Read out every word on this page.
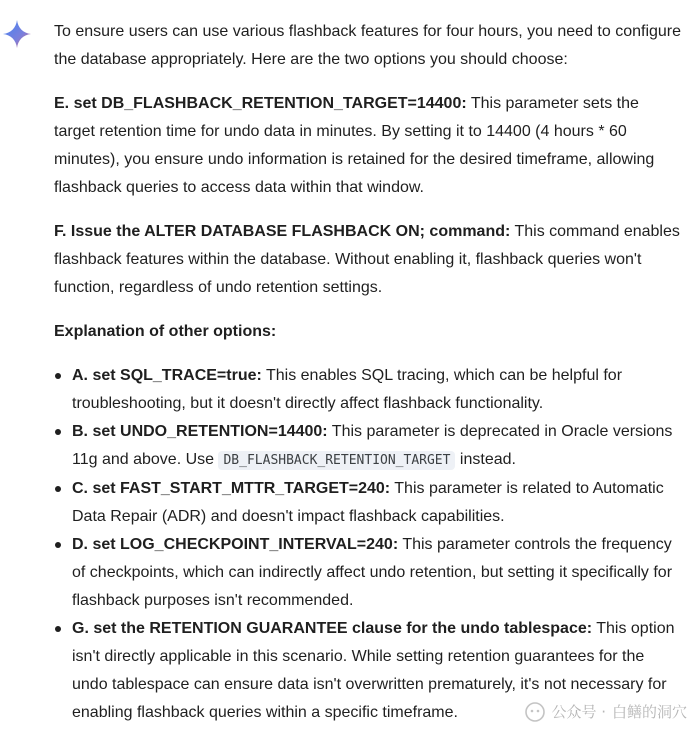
To ensure users can use various flashback features for four hours, you need to configure the database appropriately. Here are the two options you should choose:

E. set DB_FLASHBACK_RETENTION_TARGET=14400: This parameter sets the target retention time for undo data in minutes. By setting it to 14400 (4 hours * 60 minutes), you ensure undo information is retained for the desired timeframe, allowing flashback queries to access data within that window.

F. Issue the ALTER DATABASE FLASHBACK ON; command: This command enables flashback features within the database. Without enabling it, flashback queries won't function, regardless of undo retention settings.

Explanation of other options:

A. set SQL_TRACE=true: This enables SQL tracing, which can be helpful for troubleshooting, but it doesn't directly affect flashback functionality.
B. set UNDO_RETENTION=14400: This parameter is deprecated in Oracle versions 11g and above. Use DB_FLASHBACK_RETENTION_TARGET instead.
C. set FAST_START_MTTR_TARGET=240: This parameter is related to Automatic Data Repair (ADR) and doesn't impact flashback capabilities.
D. set LOG_CHECKPOINT_INTERVAL=240: This parameter controls the frequency of checkpoints, which can indirectly affect undo retention, but setting it specifically for flashback purposes isn't recommended.
G. set the RETENTION GUARANTEE clause for the undo tablespace: This option isn't directly applicable in this scenario. While setting retention guarantees for the undo tablespace can ensure data isn't overwritten prematurely, it's not necessary for enabling flashback queries within a specific timeframe.	公众号 · 白鳝的洞穴
